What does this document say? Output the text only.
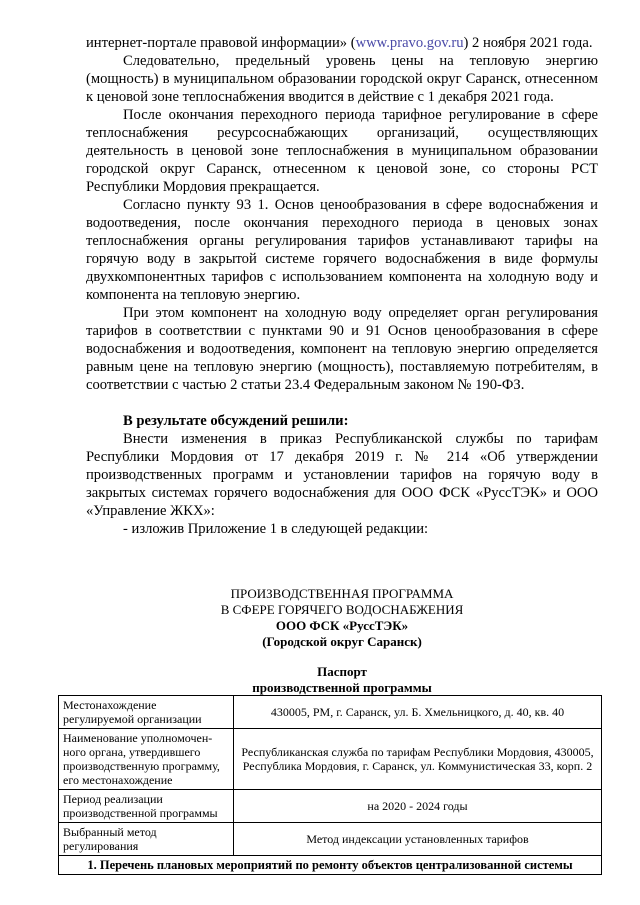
интернет-портале правовой информации» (www.pravo.gov.ru) 2 ноября 2021 года.

Следовательно, предельный уровень цены на тепловую энергию (мощность) в муниципальном образовании городской округ Саранск, отнесенном к ценовой зоне теплоснабжения вводится в действие с 1 декабря 2021 года.

После окончания переходного периода тарифное регулирование в сфере теплоснабжения ресурсоснабжающих организаций, осуществляющих деятельность в ценовой зоне теплоснабжения в муниципальном образовании городской округ Саранск, отнесенном к ценовой зоне, со стороны РСТ Республики Мордовия прекращается.

Согласно пункту 93 1. Основ ценообразования в сфере водоснабжения и водоотведения, после окончания переходного периода в ценовых зонах теплоснабжения органы регулирования тарифов устанавливают тарифы на горячую воду в закрытой системе горячего водоснабжения в виде формулы двухкомпонентных тарифов с использованием компонента на холодную воду и компонента на тепловую энергию.

При этом компонент на холодную воду определяет орган регулирования тарифов в соответствии с пунктами 90 и 91 Основ ценообразования в сфере водоснабжения и водоотведения, компонент на тепловую энергию определяется равным цене на тепловую энергию (мощность), поставляемую потребителям, в соответствии с частью 2 статьи 23.4 Федеральным законом № 190-ФЗ.

В результате обсуждений решили:

Внести изменения в приказ Республиканской службы по тарифам Республики Мордовия от 17 декабря 2019 г. № 214 «Об утверждении производственных программ и установлении тарифов на горячую воду в закрытых системах горячего водоснабжения для ООО ФСК «РуссТЭК» и ООО «Управление ЖКХ»:

- изложив Приложение 1 в следующей редакции:

ПРОИЗВОДСТВЕННАЯ ПРОГРАММА
В СФЕРЕ ГОРЯЧЕГО ВОДОСНАБЖЕНИЯ
ООО ФСК «РуссТЭК»
(Городской округ Саранск)
Паспорт
производственной программы
Местонахождение регулируемой организации	430005, РМ, г. Саранск, ул. Б. Хмельницкого, д. 40, кв. 40
Наименование уполномочен-ного органа, утвердившего производственную программу, его местонахождение	Республиканская служба по тарифам Республики Мордовия, 430005, Республика Мордовия, г. Саранск, ул. Коммунистическая 33, корп. 2
Период реализации производственной программы	на 2020 - 2024 годы
Выбранный метод регулирования	Метод индексации установленных тарифов
1. Перечень плановых мероприятий по ремонту объектов централизованной системы	
